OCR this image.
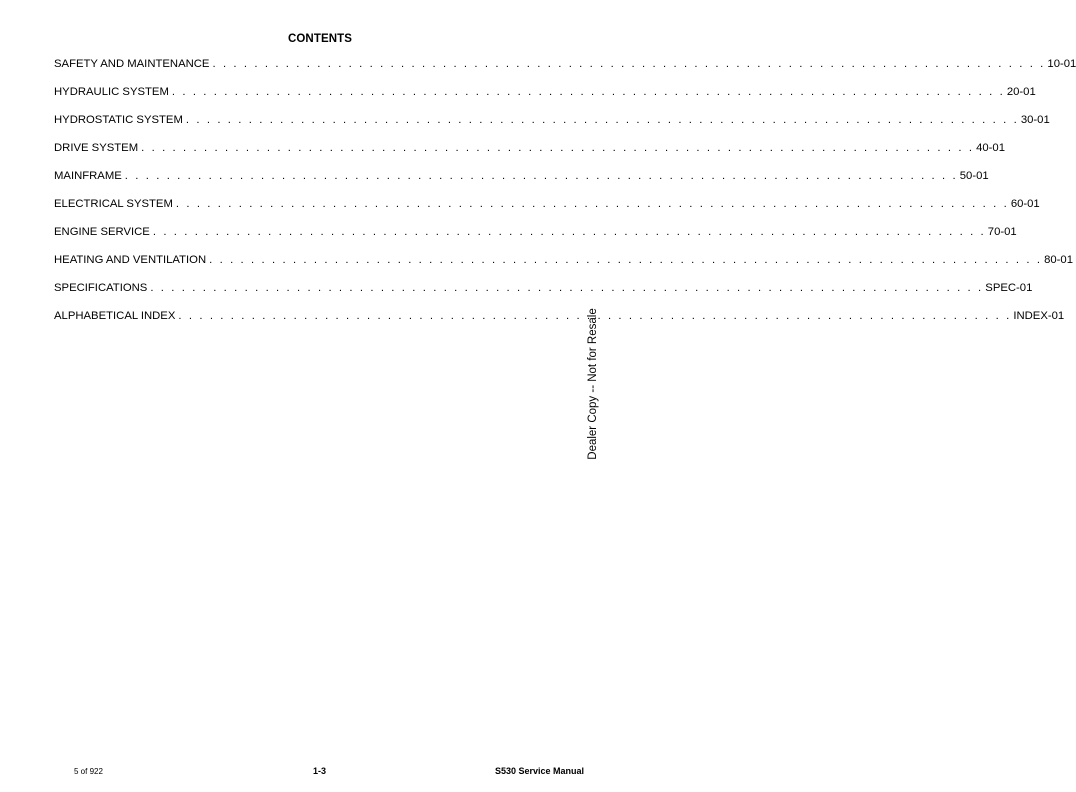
CONTENTS
SAFETY AND MAINTENANCE . . . . . . . . . . . . . . . . . . . . . . . . . . . . . . . . . . . . . . . . . . . . . . . . . . . . . . . . . . . . . . . . . . . . . . . . . . . . . . . . 10-01
HYDRAULIC SYSTEM . . . . . . . . . . . . . . . . . . . . . . . . . . . . . . . . . . . . . . . . . . . . . . . . . . . . . . . . . . . . . . . . . . . . . . . . . . . . . . . . 20-01
HYDROSTATIC SYSTEM . . . . . . . . . . . . . . . . . . . . . . . . . . . . . . . . . . . . . . . . . . . . . . . . . . . . . . . . . . . . . . . . . . . . . . . . . . . . . . . . 30-01
DRIVE SYSTEM . . . . . . . . . . . . . . . . . . . . . . . . . . . . . . . . . . . . . . . . . . . . . . . . . . . . . . . . . . . . . . . . . . . . . . . . . . . . . . . . 40-01
MAINFRAME . . . . . . . . . . . . . . . . . . . . . . . . . . . . . . . . . . . . . . . . . . . . . . . . . . . . . . . . . . . . . . . . . . . . . . . . . . . . . . . . 50-01
ELECTRICAL SYSTEM . . . . . . . . . . . . . . . . . . . . . . . . . . . . . . . . . . . . . . . . . . . . . . . . . . . . . . . . . . . . . . . . . . . . . . . . . . . . . . . . 60-01
ENGINE SERVICE . . . . . . . . . . . . . . . . . . . . . . . . . . . . . . . . . . . . . . . . . . . . . . . . . . . . . . . . . . . . . . . . . . . . . . . . . . . . . . . . 70-01
HEATING AND VENTILATION . . . . . . . . . . . . . . . . . . . . . . . . . . . . . . . . . . . . . . . . . . . . . . . . . . . . . . . . . . . . . . . . . . . . . . . . . . . . . . . . 80-01
SPECIFICATIONS . . . . . . . . . . . . . . . . . . . . . . . . . . . . . . . . . . . . . . . . . . . . . . . . . . . . . . . . . . . . . . . . . . . . . . . . . . . . . . . . SPEC-01
ALPHABETICAL INDEX . . . . . . . . . . . . . . . . . . . . . . . . . . . . . . . . . . . . . . . . . . . . . . . . . . . . . . . . . . . . . . . . . . . . . . . . . . . . . . . . INDEX-01
Dealer Copy -- Not for Resale
5 of 922	1-3	S530 Service Manual
